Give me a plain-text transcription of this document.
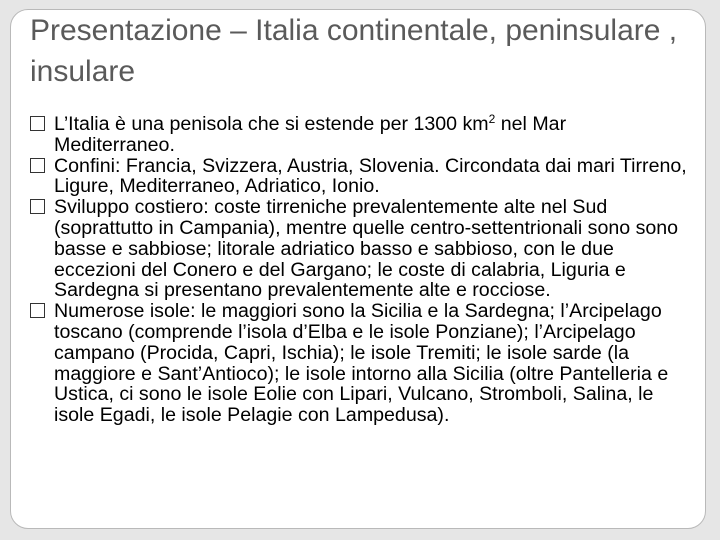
Presentazione – Italia continentale, peninsulare , insulare
L’Italia è una penisola che si estende per 1300 $km^2$ nel Mar Mediterraneo.
Confini: Francia, Svizzera, Austria, Slovenia. Circondata dai mari Tirreno, Ligure, Mediterraneo, Adriatico, Ionio.
Sviluppo costiero: coste tirreniche prevalentemente alte nel Sud (soprattutto in Campania), mentre quelle centro-settentrionali sono sono basse e sabbiose; litorale adriatico basso e sabbioso, con le due eccezioni del Conero e del Gargano; le coste di calabria, Liguria e Sardegna si presentano prevalentemente alte e rocciose.
Numerose isole: le maggiori sono la Sicilia e la Sardegna; l’Arcipelago toscano (comprende l’isola d’Elba e le isole Ponziane); l’Arcipelago campano (Procida, Capri, Ischia); le isole Tremiti; le isole sarde (la maggiore e Sant’Antioco); le isole intorno alla Sicilia (oltre Pantelleria e Ustica, ci sono le isole Eolie con Lipari, Vulcano, Stromboli, Salina, le isole Egadi, le isole Pelagie con Lampedusa).
